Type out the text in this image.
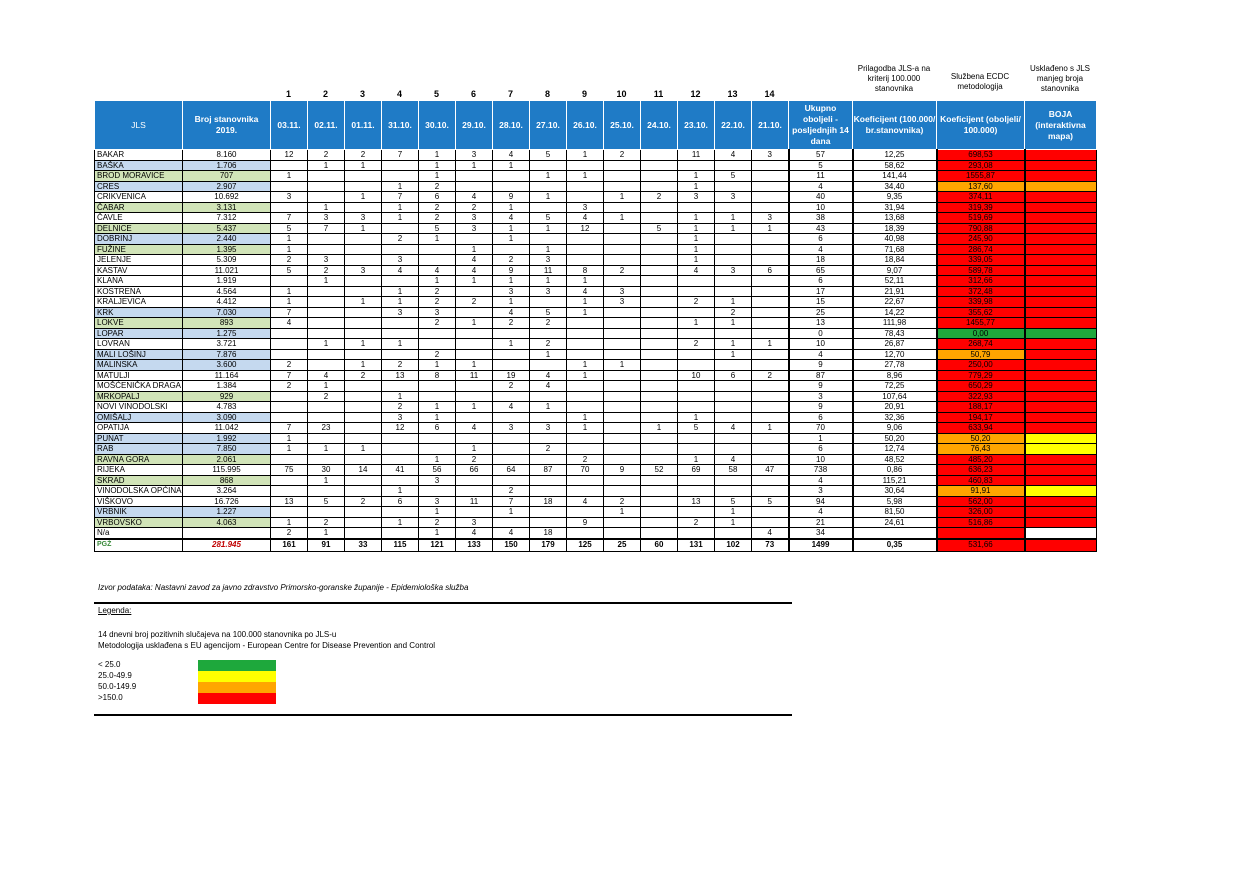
1	2	3	4	5	6	7	8	9	10	11	12	13	14
Prilagodba JLS-a na kriterij 100.000 stanovnika
Službena ECDC metodologija
Usklađeno s JLS manjeg broja stanovnika
JLS	Broj stanovnika 2019.	03.11.	02.11.	01.11.	31.10.	30.10.	29.10.	28.10.	27.10.	26.10.	25.10.	24.10.	23.10.	22.10.	21.10.	Ukupno oboljeli - posljednjih 14 dana	Koeficijent (100.000/ br.stanovnika)	Koeficijent (oboljeli/ 100.000)	BOJA (interaktivna mapa)
BAKAR	8.160	12	2	2	7	1	3	4	5	1	2		11	4	3	57	12,25	698,53	
BAŠKA	1.706		1	1		1	1	1								5	58,62	293,08	
BROD MORAVICE	707	1				1			1	1			1	5		11	141,44	1555,87	
CRES	2.907				1	2							1			4	34,40	137,60	
CRIKVENICA	10.692	3		1	7	6	4	9	1		1	2	3	3		40	9,35	374,11	
ČABAR	3.131		1		1	2	2	1		3						10	31,94	319,39	
ČAVLE	7.312	7	3	3	1	2	3	4	5	4	1		1	1	3	38	13,68	519,69	
DELNICE	5.437	5	7	1		5	3	1	1	12		5	1	1	1	43	18,39	790,88	
DOBRINJ	2.440	1			2	1		1					1			6	40,98	245,90	
FUŽINE	1.395	1					1		1				1			4	71,68	286,74	
JELENJE	5.309	2	3		3		4	2	3				1			18	18,84	339,05	
KASTAV	11.021	5	2	3	4	4	4	9	11	8	2		4	3	6	65	9,07	589,78	
KLANA	1.919		1			1	1	1	1	1						6	52,11	312,66	
KOSTRENA	4.564	1			1	2		3	3	4	3					17	21,91	372,48	
KRALJEVICA	4.412	1		1	1	2	2	1		1	3		2	1		15	22,67	339,98	
KRK	7.030	7			3	3		4	5	1				2		25	14,22	355,62	
LOKVE	893	4				2	1	2	2				1	1		13	111,98	1455,77	
LOPAR	1.275															0	78,43	0,00	
LOVRAN	3.721		1	1	1			1	2				2	1	1	10	26,87	268,74	
MALI LOŠINJ	7.876					2			1					1		4	12,70	50,79	
MALINSKA	3.600	2		1	2	1	1			1	1					9	27,78	250,00	
MATULJI	11.164	7	4	2	13	8	11	19	4	1			10	6	2	87	8,96	779,29	
MOŠĆENIČKA DRAGA	1.384	2	1					2	4							9	72,25	650,29	
MRKOPALJ	929		2		1											3	107,64	322,93	
NOVI VINODOLSKI	4.783				2	1	1	4	1							9	20,91	188,17	
OMIŠALJ	3.090				3	1				1			1			6	32,36	194,17	
OPATIJA	11.042	7	23		12	6	4	3	3	1		1	5	4	1	70	9,06	633,94	
PUNAT	1.992	1														1	50,20	50,20	
RAB	7.850	1	1	1			1		2							6	12,74	76,43	
RAVNA GORA	2.061					1	2			2			1	4		10	48,52	485,20	
RIJEKA	115.995	75	30	14	41	56	66	64	87	70	9	52	69	58	47	738	0,86	636,23	
SKRAD	868		1			3										4	115,21	460,83	
VINODOLSKA OPĆINA	3.264				1			2								3	30,64	91,91	
VIŠKOVO	16.726	13	5	2	6	3	11	7	18	4	2		13	5	5	94	5,98	562,00	
VRBNIK	1.227					1		1			1			1		4	81,50	326,00	
VRBOVSKO	4.063	1	2		1	2	3			9			2	1		21	24,61	516,86	
N/a		2	1			1	4	4	18						4	34			
PGŽ	281.945	161	91	33	115	121	133	150	179	125	25	60	131	102	73	1499	0,35	531,66	
Izvor podataka: Nastavni zavod za javno zdravstvo Primorsko-goranske županije - Epidemiološka služba
Legenda:
14 dnevni broj pozitivnih slučajeva na 100.000 stanovnika po JLS-u
Metodologija usklađena s EU agencijom - European Centre for Disease Prevention and Control
< 25.0
25.0-49.9
50.0-149.9
>150.0
